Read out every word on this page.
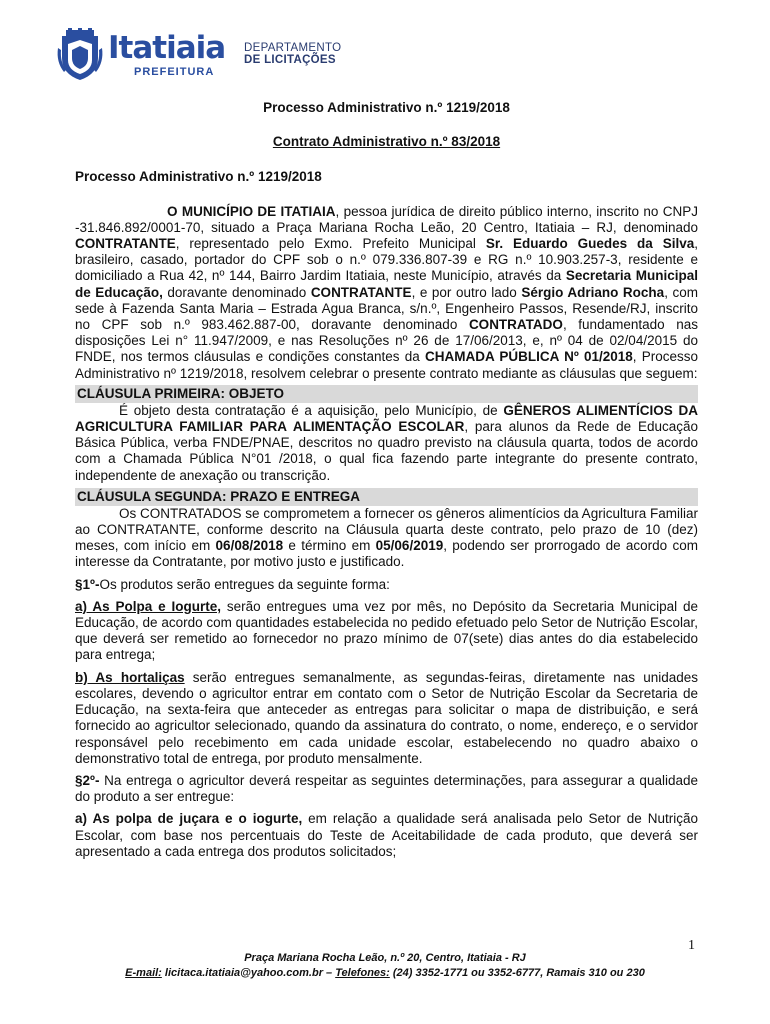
Itatiaia
PREFEITURA
DEPARTAMENTO
DE LICITAÇÕES
Processo Administrativo n.º 1219/2018
Contrato Administrativo n.º 83/2018
Processo Administrativo n.º 1219/2018

O MUNICÍPIO DE ITATIAIA, pessoa jurídica de direito público interno, inscrito no CNPJ -31.846.892/0001-70, situado a Praça Mariana Rocha Leão, 20 Centro, Itatiaia – RJ, denominado CONTRATANTE, representado pelo Exmo. Prefeito Municipal Sr. Eduardo Guedes da Silva, brasileiro, casado, portador do CPF sob o n.º 079.336.807-39 e RG n.º 10.903.257-3, residente e domiciliado a Rua 42, nº 144, Bairro Jardim Itatiaia, neste Município, através da Secretaria Municipal de Educação, doravante denominado CONTRATANTE, e por outro lado Sérgio Adriano Rocha, com sede à Fazenda Santa Maria – Estrada Agua Branca, s/n.º, Engenheiro Passos, Resende/RJ, inscrito no CPF sob n.º 983.462.887-00, doravante denominado CONTRATADO, fundamentado nas disposições Lei n° 11.947/2009, e nas Resoluções nº 26 de 17/06/2013, e, nº 04 de 02/04/2015 do FNDE, nos termos cláusulas e condições constantes da CHAMADA PÚBLICA Nº 01/2018, Processo Administrativo nº 1219/2018, resolvem celebrar o presente contrato mediante as cláusulas que seguem:

CLÁUSULA PRIMEIRA: OBJETO

É objeto desta contratação é a aquisição, pelo Município, de GÊNEROS ALIMENTÍCIOS DA AGRICULTURA FAMILIAR PARA ALIMENTAÇÃO ESCOLAR, para alunos da Rede de Educação Básica Pública, verba FNDE/PNAE, descritos no quadro previsto na cláusula quarta, todos de acordo com a Chamada Pública N°01 /2018, o qual fica fazendo parte integrante do presente contrato, independente de anexação ou transcrição.

CLÁUSULA SEGUNDA: PRAZO E ENTREGA

Os CONTRATADOS se comprometem a fornecer os gêneros alimentícios da Agricultura Familiar ao CONTRATANTE, conforme descrito na Cláusula quarta deste contrato, pelo prazo de 10 (dez) meses, com início em 06/08/2018 e término em 05/06/2019, podendo ser prorrogado de acordo com interesse da Contratante, por motivo justo e justificado.

§1º-Os produtos serão entregues da seguinte forma:

a) As Polpa e Iogurte, serão entregues uma vez por mês, no Depósito da Secretaria Municipal de Educação, de acordo com quantidades estabelecida no pedido efetuado pelo Setor de Nutrição Escolar, que deverá ser remetido ao fornecedor no prazo mínimo de 07(sete) dias antes do dia estabelecido para entrega;

b) As hortaliças serão entregues semanalmente, as segundas-feiras, diretamente nas unidades escolares, devendo o agricultor entrar em contato com o Setor de Nutrição Escolar da Secretaria de Educação, na sexta-feira que anteceder as entregas para solicitar o mapa de distribuição, e será fornecido ao agricultor selecionado, quando da assinatura do contrato, o nome, endereço, e o servidor responsável pelo recebimento em cada unidade escolar, estabelecendo no quadro abaixo o demonstrativo total de entrega, por produto mensalmente.

§2º- Na entrega o agricultor deverá respeitar as seguintes determinações, para assegurar a qualidade do produto a ser entregue:

a) As polpa de juçara e o iogurte, em relação a qualidade será analisada pelo Setor de Nutrição Escolar, com base nos percentuais do Teste de Aceitabilidade de cada produto, que deverá ser apresentado a cada entrega dos produtos solicitados;

1
Praça Mariana Rocha Leão, n.º 20, Centro, Itatiaia - RJ
E-mail: licitaca.itatiaia@yahoo.com.br – Telefones: (24) 3352-1771 ou 3352-6777, Ramais 310 ou 230
